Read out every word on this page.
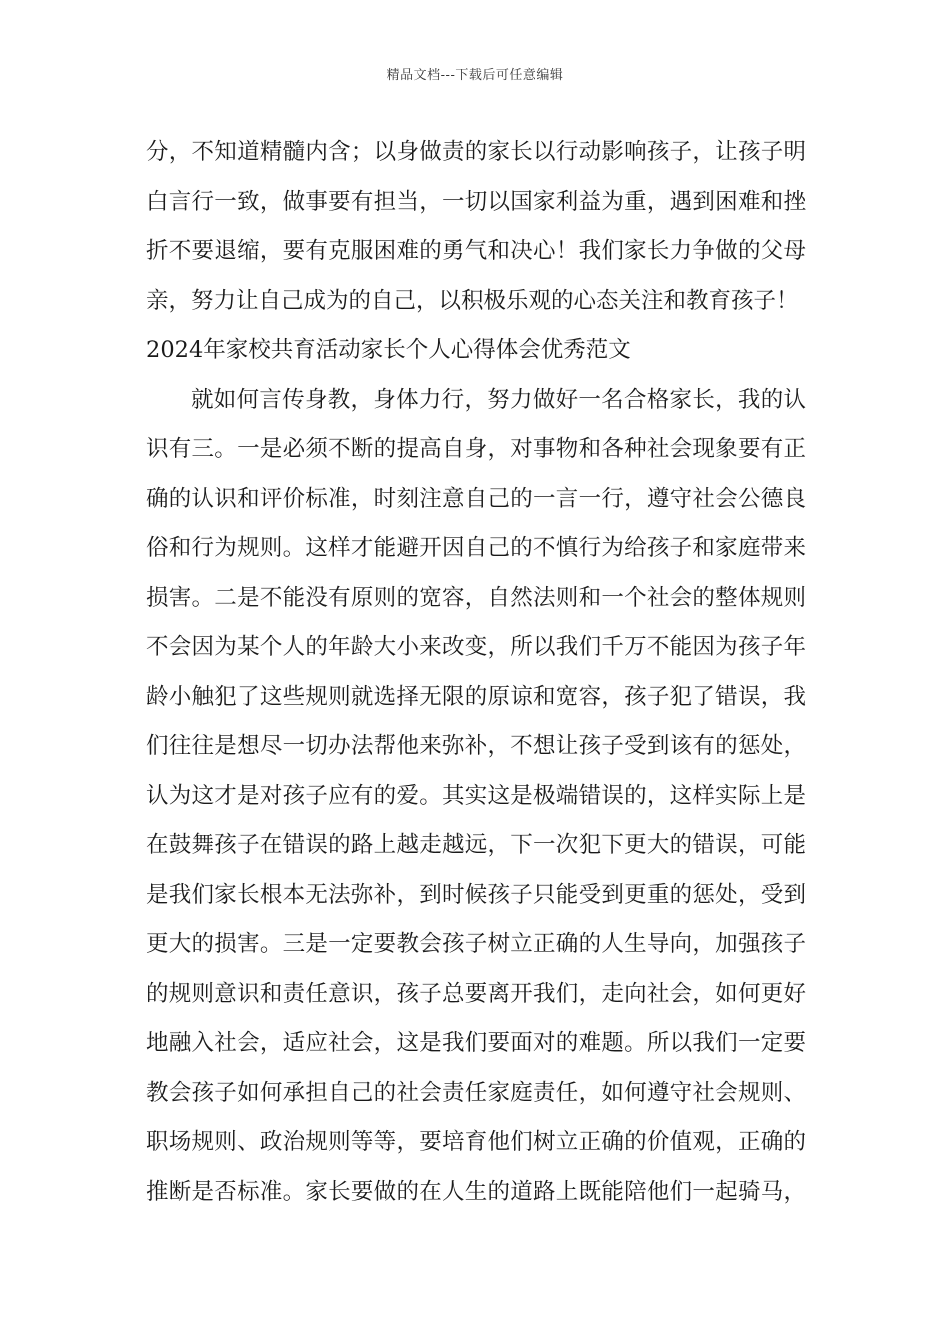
精品文档---下载后可任意编辑
分，不知道精髓内含；以身做责的家长以行动影响孩子，让孩子明
白言行一致，做事要有担当，一切以国家利益为重，遇到困难和挫
折不要退缩，要有克服困难的勇气和决心！我们家长力争做的父母
亲，努力让自己成为的自己，以积极乐观的心态关注和教育孩子！
2024年家校共育活动家长个人心得体会优秀范文
就如何言传身教，身体力行，努力做好一名合格家长，我的认
识有三。一是必须不断的提高自身，对事物和各种社会现象要有正
确的认识和评价标准，时刻注意自己的一言一行，遵守社会公德良
俗和行为规则。这样才能避开因自己的不慎行为给孩子和家庭带来
损害。二是不能没有原则的宽容，自然法则和一个社会的整体规则
不会因为某个人的年龄大小来改变，所以我们千万不能因为孩子年
龄小触犯了这些规则就选择无限的原谅和宽容，孩子犯了错误，我
们往往是想尽一切办法帮他来弥补，不想让孩子受到该有的惩处，
认为这才是对孩子应有的爱。其实这是极端错误的，这样实际上是
在鼓舞孩子在错误的路上越走越远，下一次犯下更大的错误，可能
是我们家长根本无法弥补，到时候孩子只能受到更重的惩处，受到
更大的损害。三是一定要教会孩子树立正确的人生导向，加强孩子
的规则意识和责任意识，孩子总要离开我们，走向社会，如何更好
地融入社会，适应社会，这是我们要面对的难题。所以我们一定要
教会孩子如何承担自己的社会责任家庭责任，如何遵守社会规则、
职场规则、政治规则等等，要培育他们树立正确的价值观，正确的
推断是否标准。家长要做的在人生的道路上既能陪他们一起骑马，
